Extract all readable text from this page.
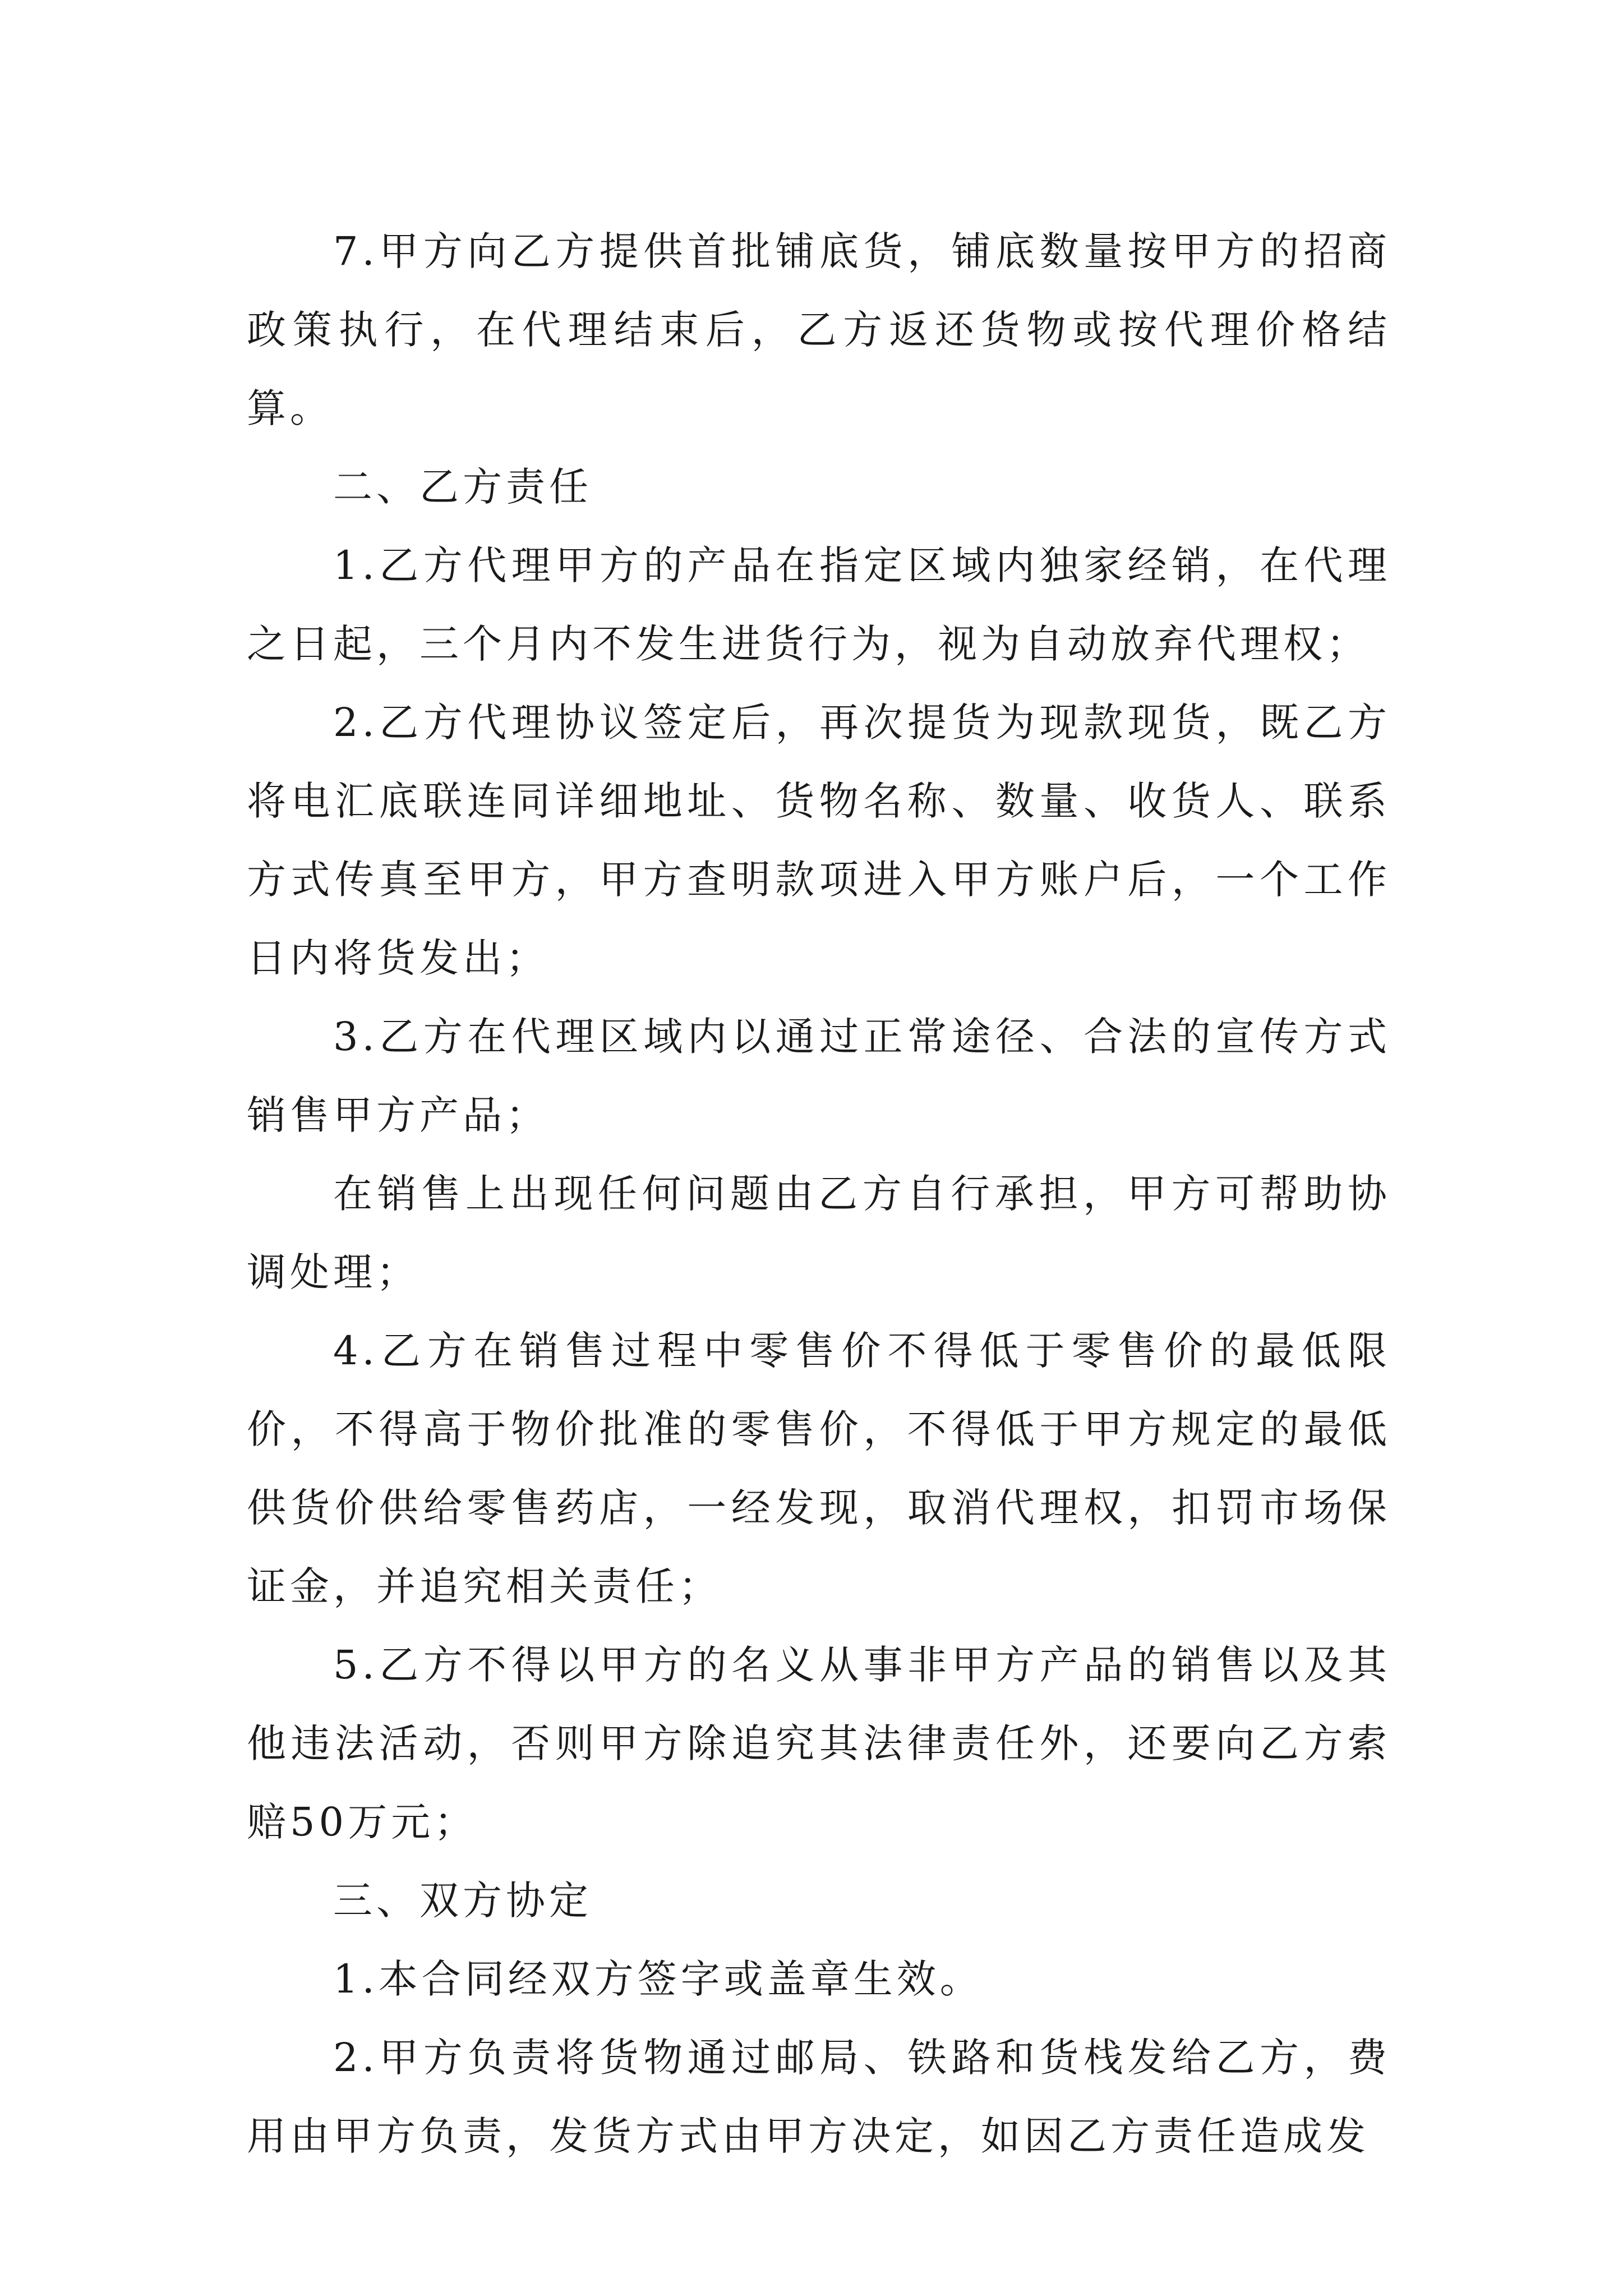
7.甲方向乙方提供首批铺底货，铺底数量按甲方的招商政策执行，在代理结束后，乙方返还货物或按代理价格结算。

二、乙方责任

1.乙方代理甲方的产品在指定区域内独家经销，在代理之日起，三个月内不发生进货行为，视为自动放弃代理权；

2.乙方代理协议签定后，再次提货为现款现货，既乙方将电汇底联连同详细地址、货物名称、数量、收货人、联系方式传真至甲方，甲方查明款项进入甲方账户后，一个工作日内将货发出；

3.乙方在代理区域内以通过正常途径、合法的宣传方式销售甲方产品；

在销售上出现任何问题由乙方自行承担，甲方可帮助协调处理；

4.乙方在销售过程中零售价不得低于零售价的最低限价，不得高于物价批准的零售价，不得低于甲方规定的最低供货价供给零售药店，一经发现，取消代理权，扣罚市场保证金，并追究相关责任；

5.乙方不得以甲方的名义从事非甲方产品的销售以及其他违法活动，否则甲方除追究其法律责任外，还要向乙方索赔50万元；

三、双方协定

1.本合同经双方签字或盖章生效。

2.甲方负责将货物通过邮局、铁路和货栈发给乙方，费用由甲方负责，发货方式由甲方决定，如因乙方责任造成发
